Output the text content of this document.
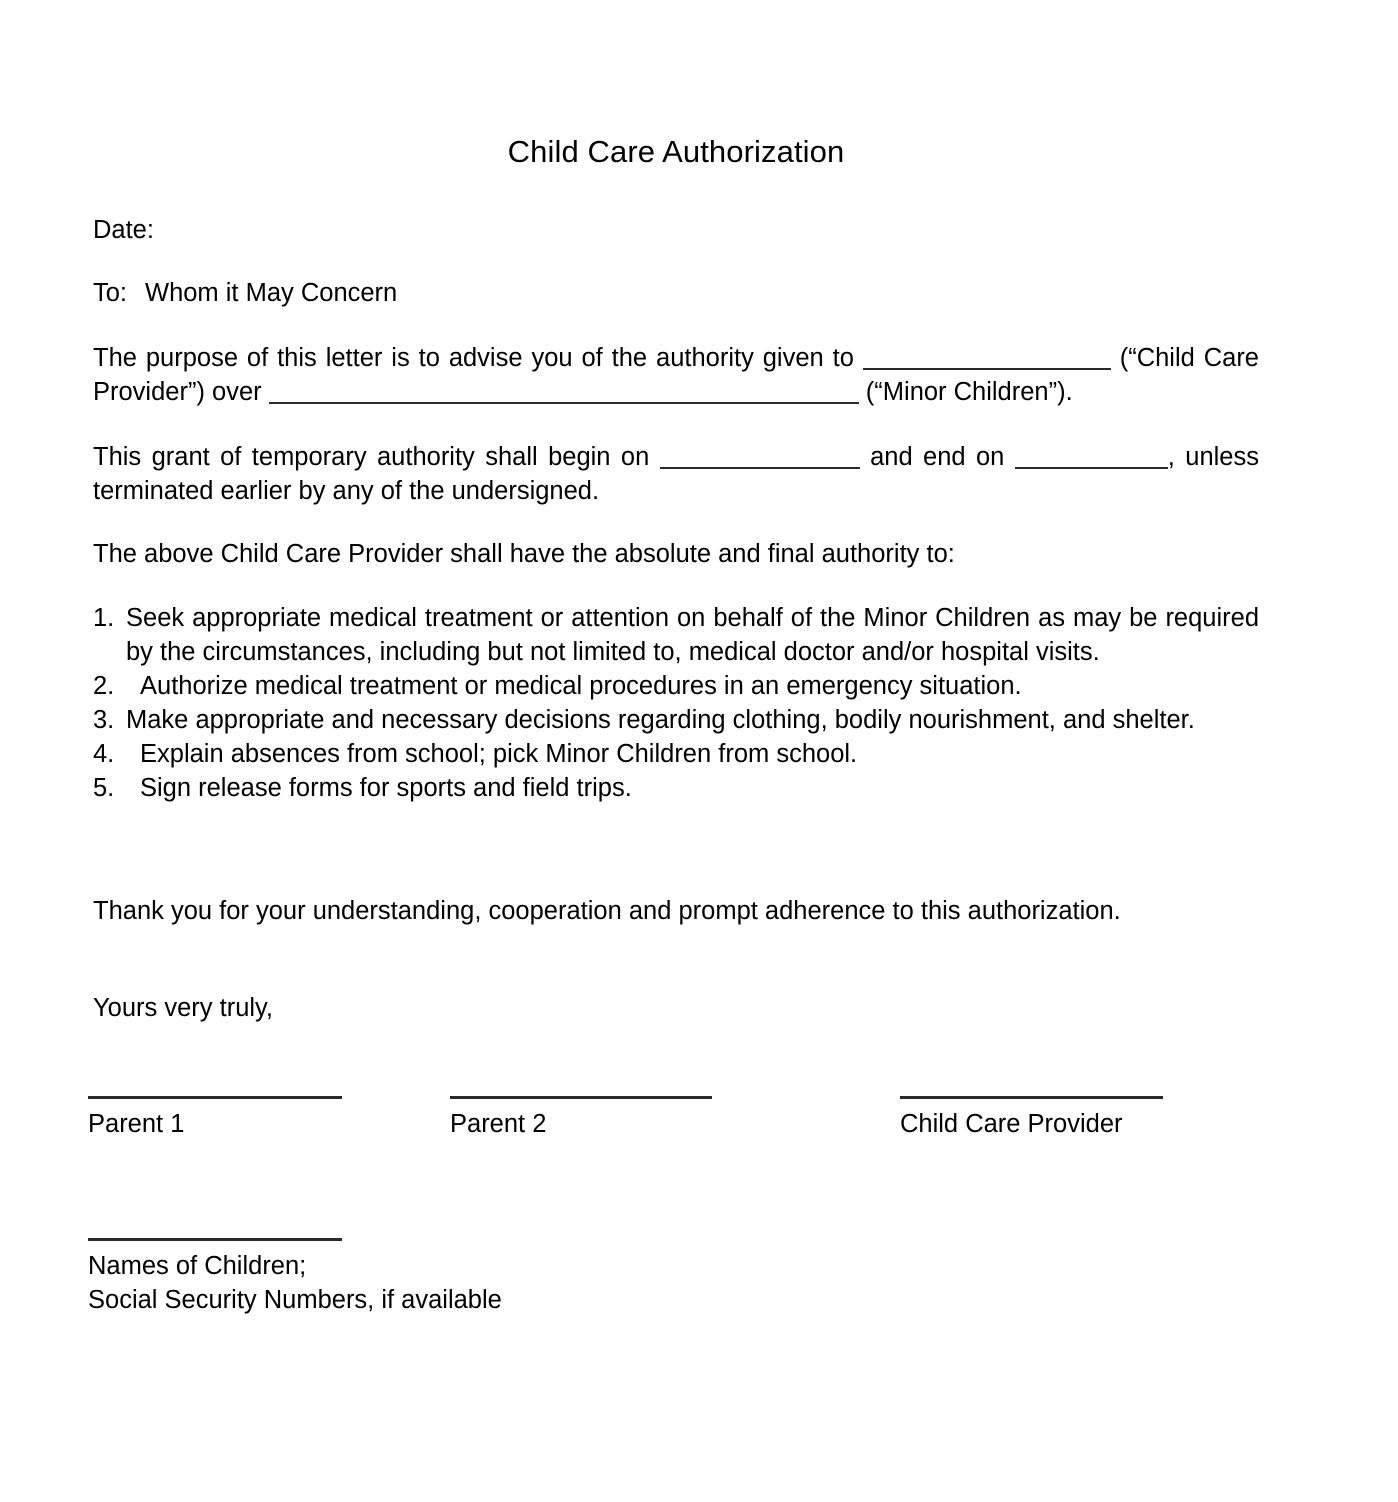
Child Care Authorization
Date:
To: Whom it May Concern
The purpose of this letter is to advise you of the authority given to	(“Child Care Provider”) over	(“Minor Children”).
This grant of temporary authority shall begin on	and end on	, unless terminated earlier by any of the undersigned.
The above Child Care Provider shall have the absolute and final authority to:
1. Seek appropriate medical treatment or attention on behalf of the Minor Children as may be required by the circumstances, including but not limited to, medical doctor and/or hospital visits.
2. Authorize medical treatment or medical procedures in an emergency situation.
3. Make appropriate and necessary decisions regarding clothing, bodily nourishment, and shelter.
4. Explain absences from school; pick Minor Children from school.
5. Sign release forms for sports and field trips.
Thank you for your understanding, cooperation and prompt adherence to this authorization.
Yours very truly,
Parent 1	Parent 2	Child Care Provider
Names of Children;
Social Security Numbers, if available
